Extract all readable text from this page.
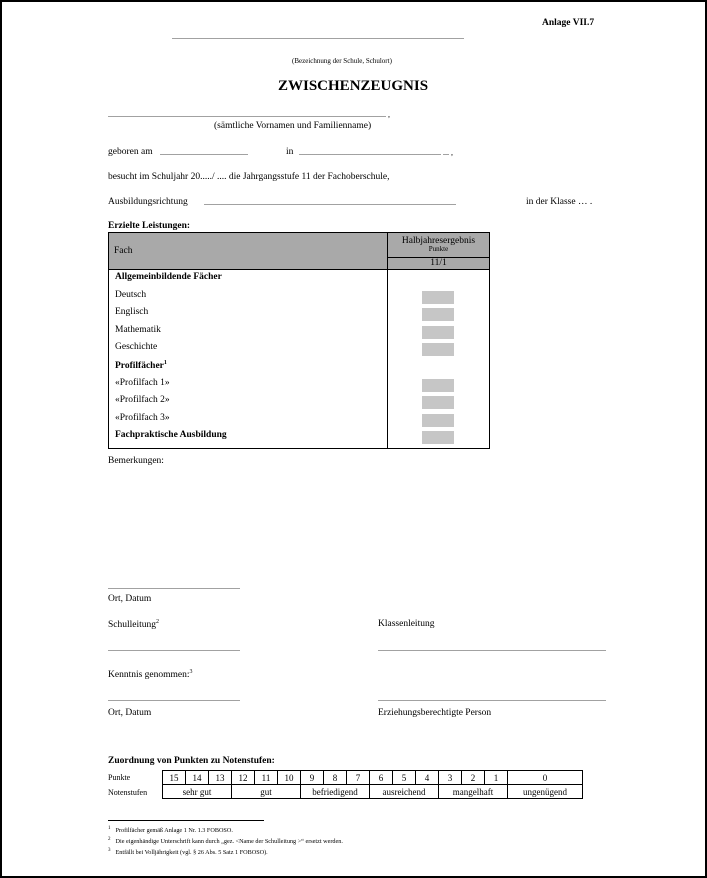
Anlage VII.7
..................................................................................................................................................
(Bezeichnung der Schule, Schulort)
ZWISCHENZEUGNIS
........................................................................................................................................... ,
(sämtliche Vornamen und Familienname)
geboren am ............................................	in ....................................................................... ... ,
besucht im Schuljahr 20...../ .... die Jahrgangsstufe 11 der Fachoberschule,
Ausbildungsrichtung ..............................................................................................................................	in der Klasse … .
Erzielte Leistungen:
Fach
Halbjahresergebnis
Punkte
11/1
Allgemeinbildende Fächer
Deutsch
Englisch
Mathematik
Geschichte
Profilfächer$^1$
«Profilfach 1»
«Profilfach 2»
«Profilfach 3»
Fachpraktische Ausbildung
Bemerkungen:
..................................................................
Ort, Datum
Schulleitung$^2$	Klassenleitung
..................................................................	..................................................................................................................
Kenntnis genommen:$^3$
..................................................................	..................................................................................................................
Ort, Datum	Erziehungsberechtigte Person
Zuordnung von Punkten zu Notenstufen:
Punkte
Notenstufen
15	14	13	12	11	10	9	8	7	6	5	4	3	2	1	0
sehr gut			gut			befriedigend			ausreichend			mangelhaft			ungenügend
$^1$ Profilfächer gemäß Anlage 1 Nr. 1.3 FOBOSO.
$^2$ Die eigenhändige Unterschrift kann durch „gez. <Name der Schulleitung >“ ersetzt werden.
$^3$ Entfällt bei Volljährigkeit (vgl. § 26 Abs. 5 Satz 1 FOBOSO).
